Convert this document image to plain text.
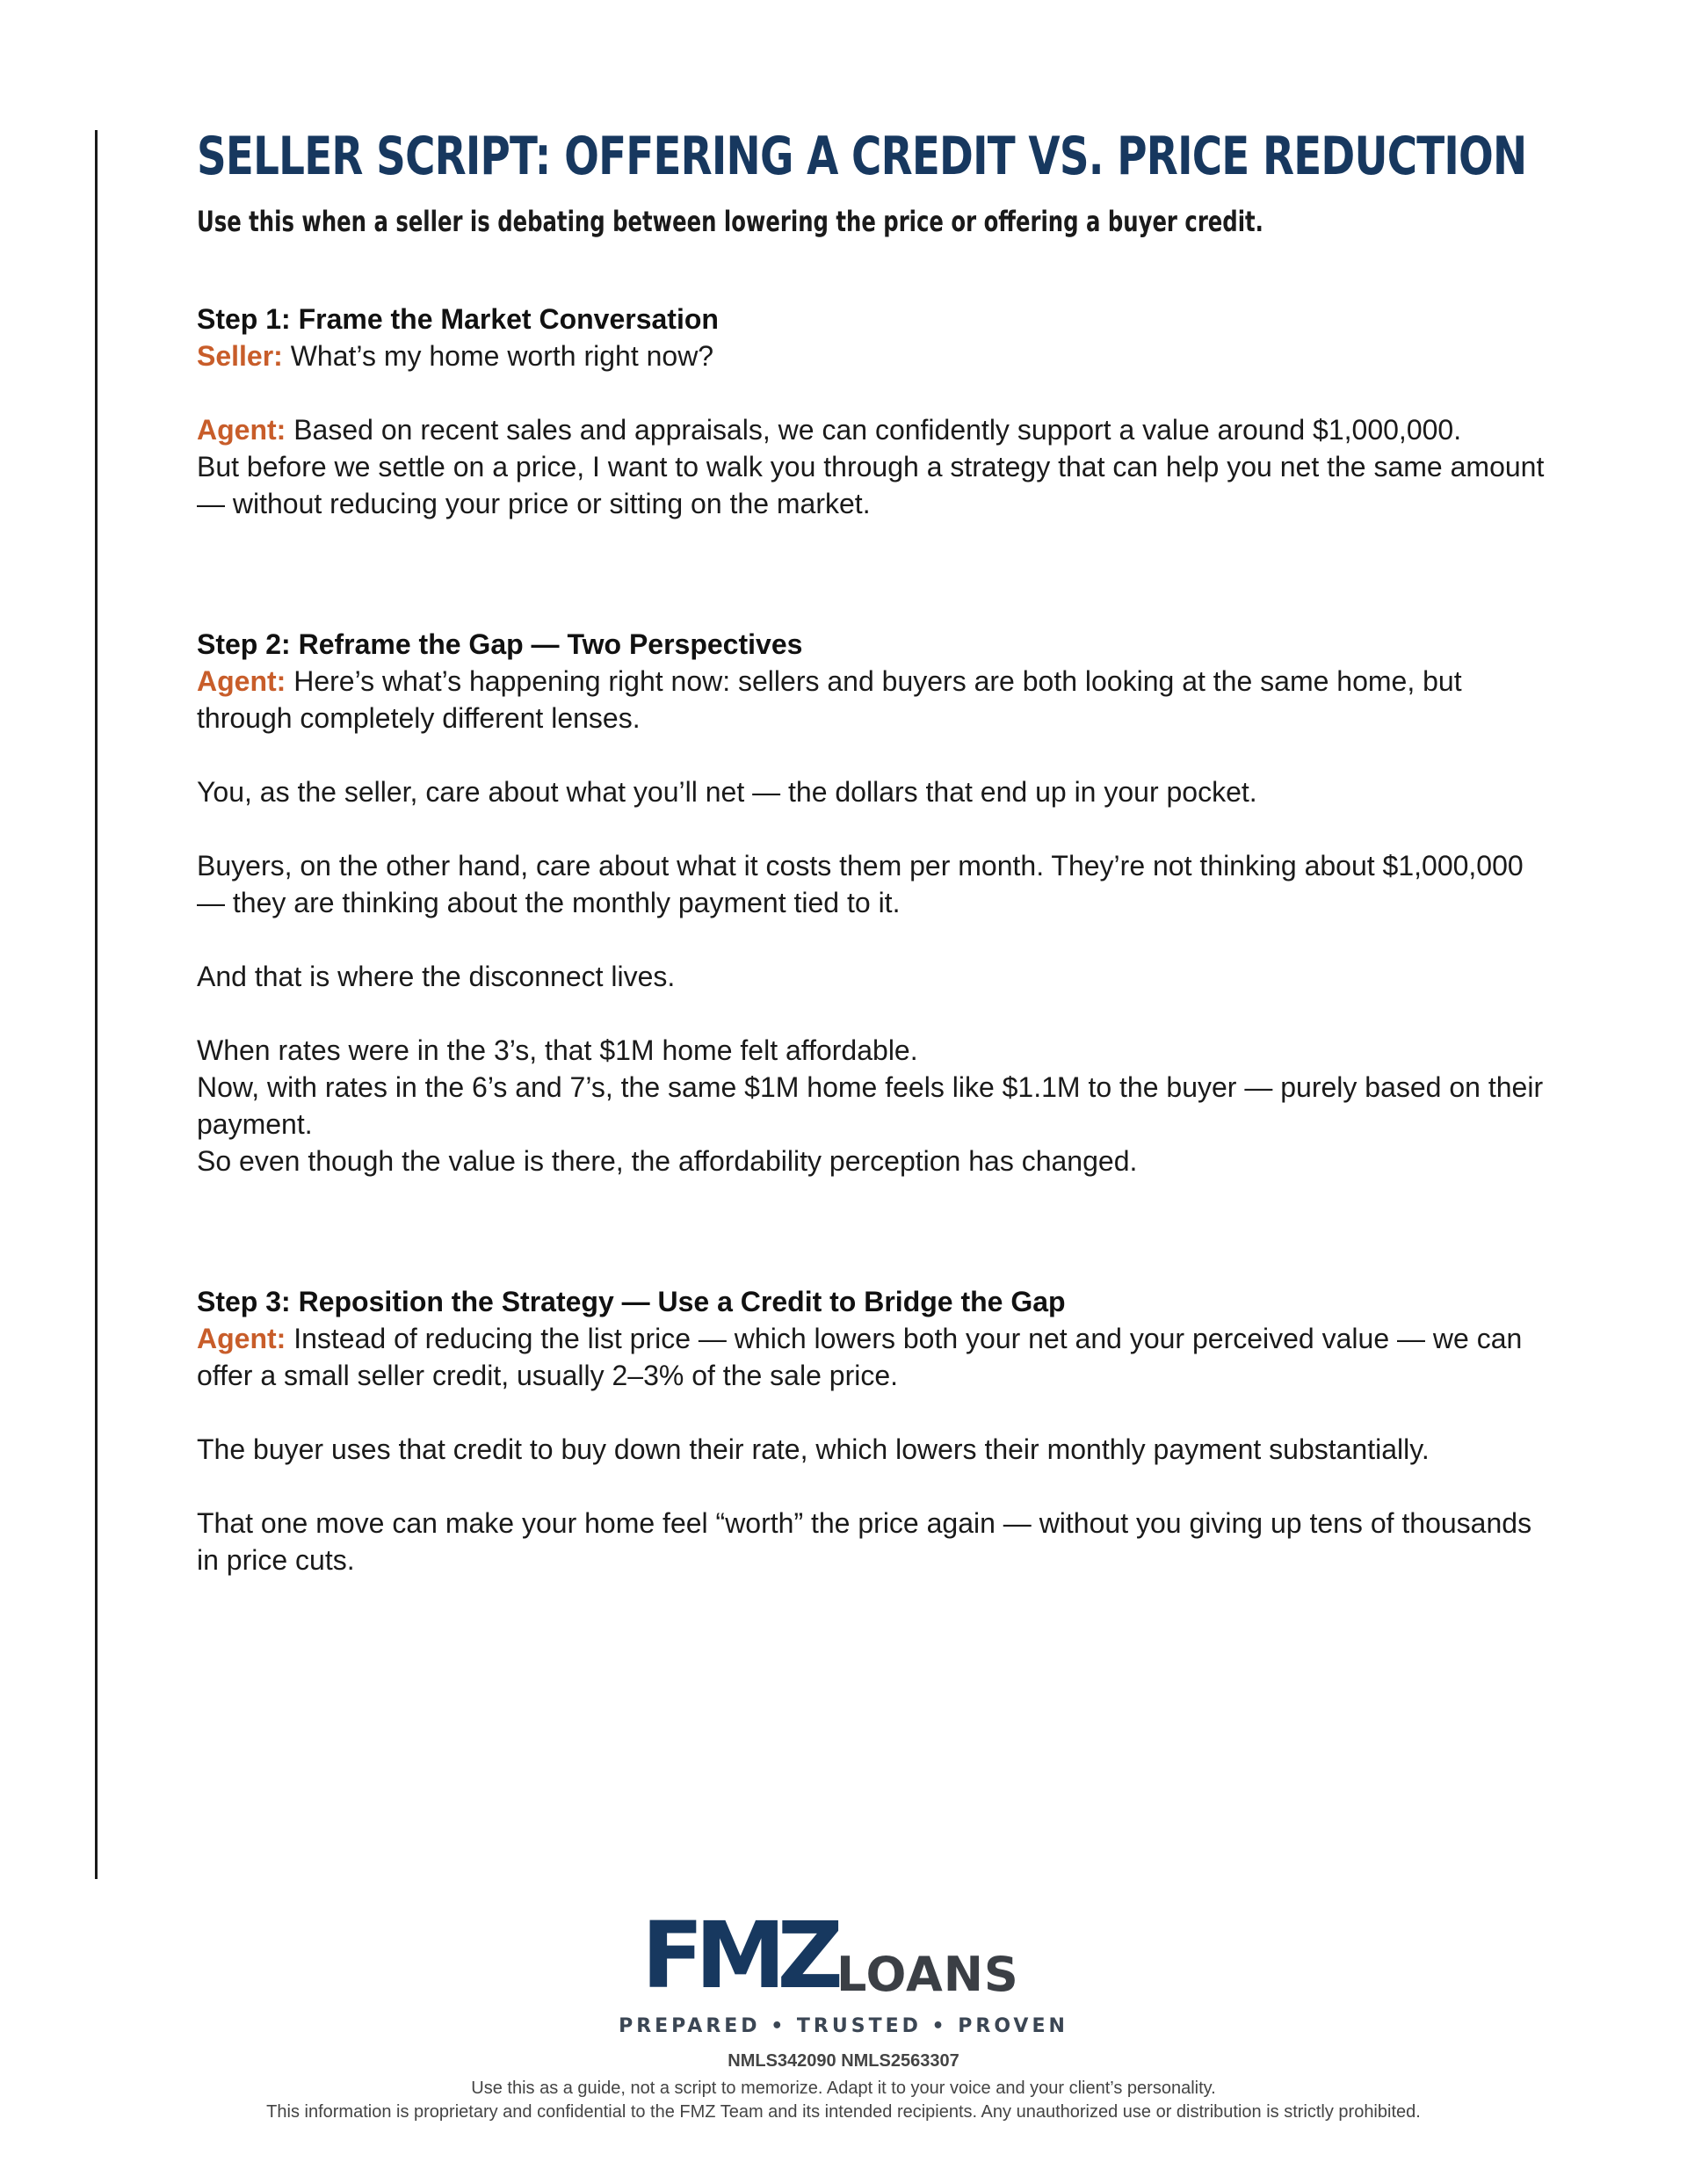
SELLER SCRIPT: OFFERING A CREDIT VS. PRICE REDUCTION

Use this when a seller is debating between lowering the price or offering a buyer credit.

Step 1: Frame the Market Conversation

Seller: What’s my home worth right now?

Agent: Based on recent sales and appraisals, we can confidently support a value around $1,000,000.

But before we settle on a price, I want to walk you through a strategy that can help you net the same amount — without reducing your price or sitting on the market.

Step 2: Reframe the Gap — Two Perspectives

Agent: Here’s what’s happening right now: sellers and buyers are both looking at the same home, but through completely different lenses.

You, as the seller, care about what you’ll net — the dollars that end up in your pocket.

Buyers, on the other hand, care about what it costs them per month. They’re not thinking about $1,000,000 — they are thinking about the monthly payment tied to it.

And that is where the disconnect lives.

When rates were in the 3’s, that $1M home felt affordable.

Now, with rates in the 6’s and 7’s, the same $1M home feels like $1.1M to the buyer — purely based on their payment.

So even though the value is there, the affordability perception has changed.

Step 3: Reposition the Strategy — Use a Credit to Bridge the Gap

Agent: Instead of reducing the list price — which lowers both your net and your perceived value — we can offer a small seller credit, usually 2–3% of the sale price.

The buyer uses that credit to buy down their rate, which lowers their monthly payment substantially.

That one move can make your home feel “worth” the price again — without you giving up tens of thousands in price cuts.

FMZ LOANS
PREPARED • TRUSTED • PROVEN
NMLS342090 NMLS2563307
Use this as a guide, not a script to memorize. Adapt it to your voice and your client’s personality.
This information is proprietary and confidential to the FMZ Team and its intended recipients. Any unauthorized use or distribution is strictly prohibited.
